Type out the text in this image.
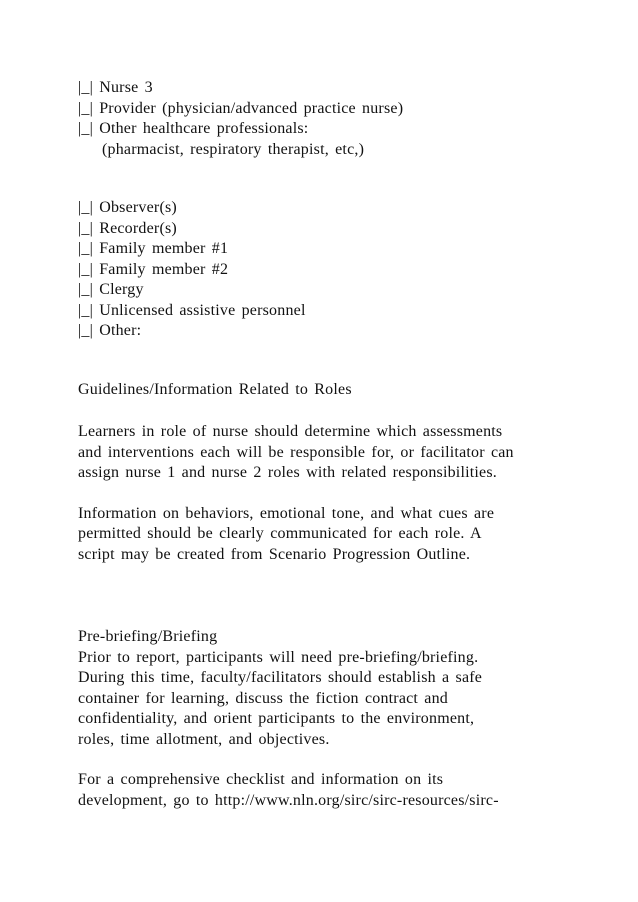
|_| Nurse 3
|_| Provider (physician/advanced practice nurse)
|_| Other healthcare professionals:
(pharmacist, respiratory therapist, etc,)
|_| Observer(s)
|_| Recorder(s)
|_| Family member #1
|_| Family member #2
|_| Clergy
|_| Unlicensed assistive personnel
|_| Other:
Guidelines/Information Related to Roles
Learners in role of nurse should determine which assessments
and interventions each will be responsible for, or facilitator can
assign nurse 1 and nurse 2 roles with related responsibilities.
Information on behaviors, emotional tone, and what cues are
permitted should be clearly communicated for each role. A
script may be created from Scenario Progression Outline.
Pre-briefing/Briefing
Prior to report, participants will need pre-briefing/briefing.
During this time, faculty/facilitators should establish a safe
container for learning, discuss the fiction contract and
confidentiality, and orient participants to the environment,
roles, time allotment, and objectives.
For a comprehensive checklist and information on its
development, go to http://www.nln.org/sirc/sirc-resources/sirc-
